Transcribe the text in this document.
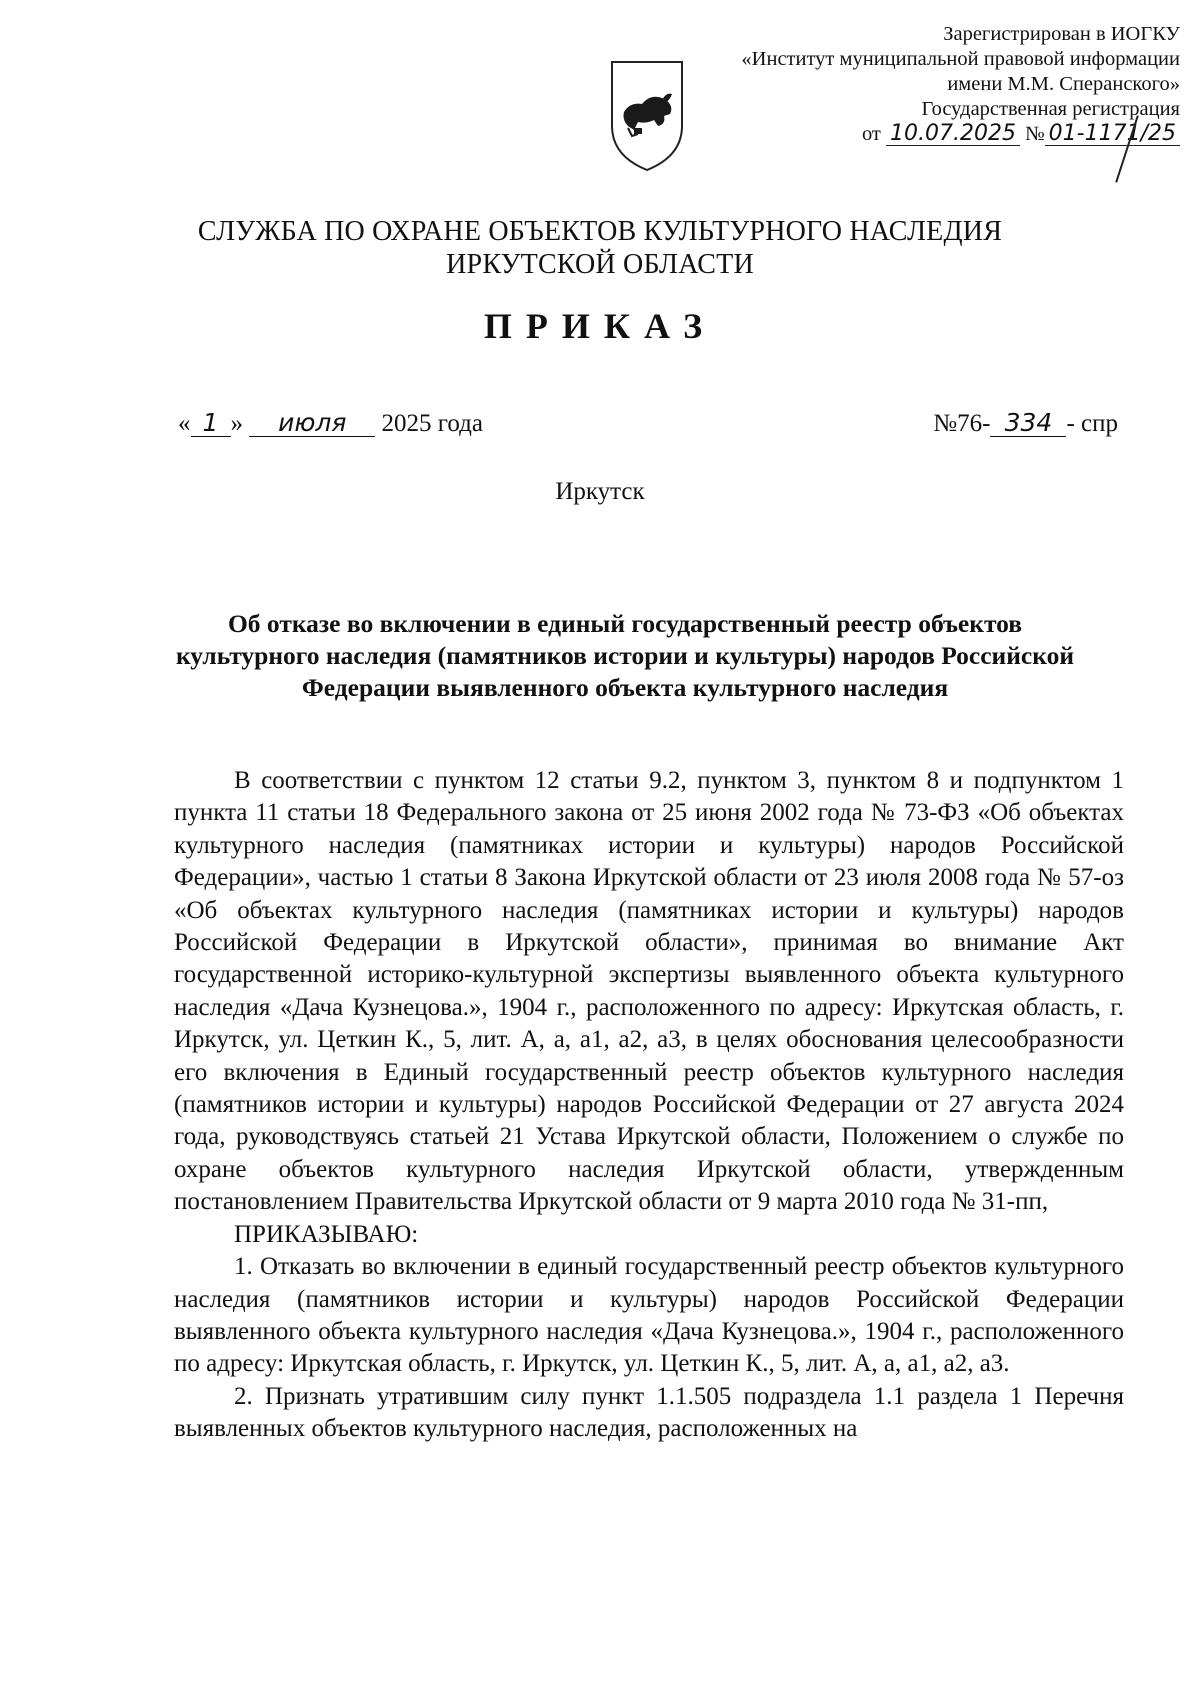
Зарегистрирован в ИОГКУ
«Институт муниципальной правовой информации
имени М.М. Сперанского»
Государственная регистрация
от 10.07.2025 № 01-1171/25
СЛУЖБА ПО ОХРАНЕ ОБЪЕКТОВ КУЛЬТУРНОГО НАСЛЕДИЯ
ИРКУТСКОЙ ОБЛАСТИ
ПРИКАЗ
« 1 » июля 2025 года	№76- 334 - спр
Иркутск
Об отказе во включении в единый государственный реестр объектов культурного наследия (памятников истории и культуры) народов Российской Федерации выявленного объекта культурного наследия

В соответствии с пунктом 12 статьи 9.2, пунктом 3, пунктом 8 и подпунктом 1 пункта 11 статьи 18 Федерального закона от 25 июня 2002 года № 73-ФЗ «Об объектах культурного наследия (памятниках истории и культуры) народов Российской Федерации», частью 1 статьи 8 Закона Иркутской области от 23 июля 2008 года № 57-оз «Об объектах культурного наследия (памятниках истории и культуры) народов Российской Федерации в Иркутской области», принимая во внимание Акт государственной историко-культурной экспертизы выявленного объекта культурного наследия «Дача Кузнецова.», 1904 г., расположенного по адресу: Иркутская область, г. Иркутск, ул. Цеткин К., 5, лит. А, а, а1, а2, а3, в целях обоснования целесообразности его включения в Единый государственный реестр объектов культурного наследия (памятников истории и культуры) народов Российской Федерации от 27 августа 2024 года, руководствуясь статьей 21 Устава Иркутской области, Положением о службе по охране объектов культурного наследия Иркутской области, утвержденным постановлением Правительства Иркутской области от 9 марта 2010 года № 31-пп,

ПРИКАЗЫВАЮ:

1. Отказать во включении в единый государственный реестр объектов культурного наследия (памятников истории и культуры) народов Российской Федерации выявленного объекта культурного наследия «Дача Кузнецова.», 1904 г., расположенного по адресу: Иркутская область, г. Иркутск, ул. Цеткин К., 5, лит. А, а, а1, а2, а3.

2. Признать утратившим силу пункт 1.1.505 подраздела 1.1 раздела 1 Перечня выявленных объектов культурного наследия, расположенных на
